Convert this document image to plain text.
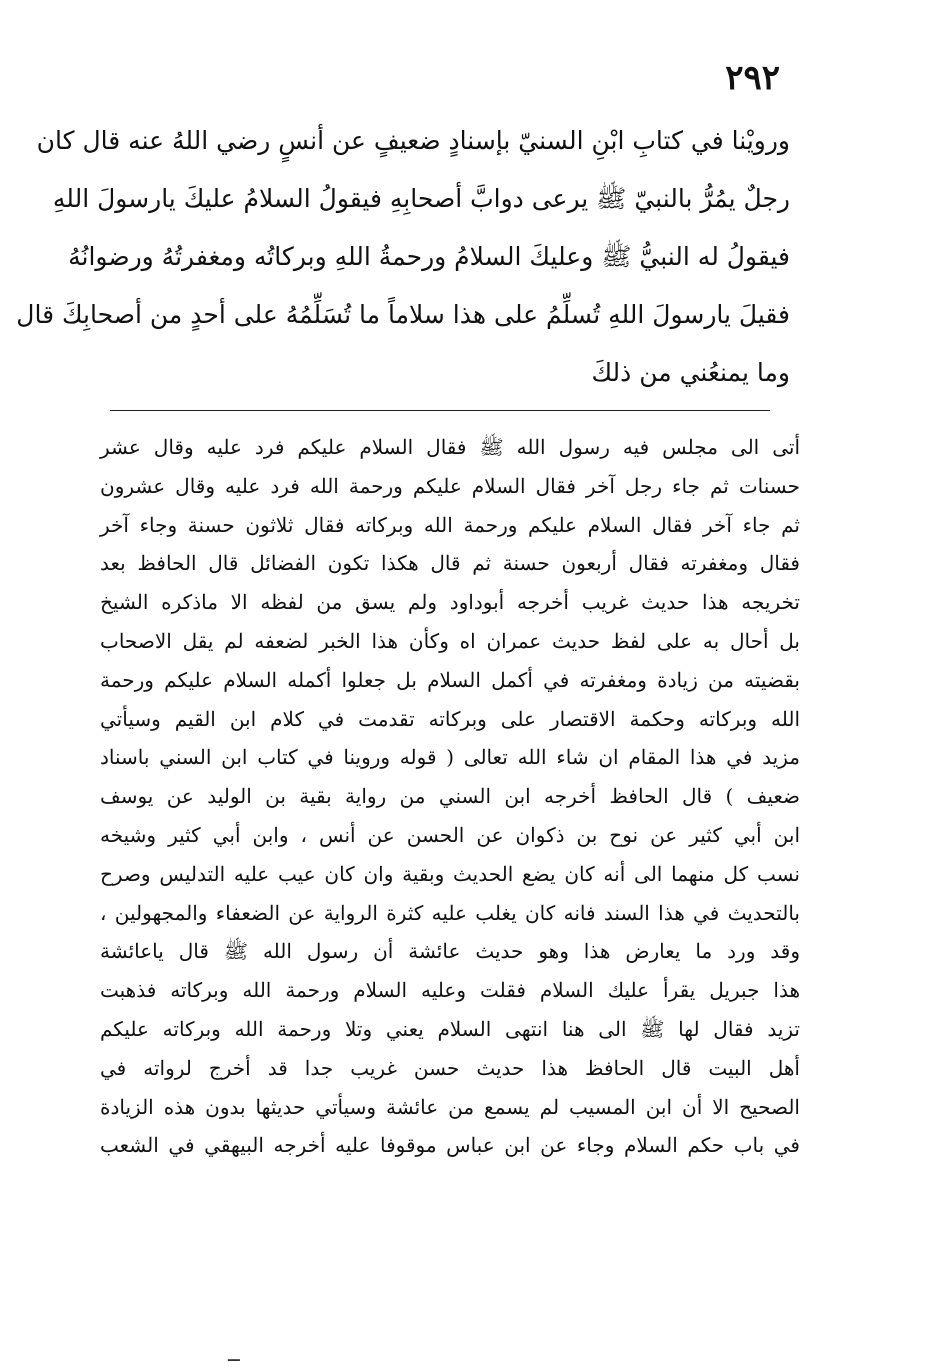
٢٩٢
ورويْنا في كتابِ ابْنِ السنيّ بإسنادٍ ضعيفٍ عن أنسٍ رضي اللهُ عنه قال كان
رجلٌ يمُرُّ بالنبيّ ﷺ يرعى دوابَّ أصحابِهِ فيقولُ السلامُ عليكَ يارسولَ اللهِ
فيقولُ له النبيُّ ﷺ وعليكَ السلامُ ورحمةُ اللهِ وبركاتُه ومغفرتُهُ ورضوانُهُ
فقيلَ يارسولَ اللهِ تُسلِّمُ على هذا سلاماً ما تُسَلِّمُهُ على أحدٍ من أصحابِكَ قال
وما يمنعُني من ذلكَ
أتى الى مجلس فيه رسول الله ﷺ فقال السلام عليكم فرد عليه وقال عشر
حسنات ثم جاء رجل آخر فقال السلام عليكم ورحمة الله فرد عليه وقال عشرون
ثم جاء آخر فقال السلام عليكم ورحمة الله وبركاته فقال ثلاثون حسنة وجاء آخر
فقال ومغفرته فقال أربعون حسنة ثم قال هكذا تكون الفضائل قال الحافظ بعد
تخريجه هذا حديث غريب أخرجه أبوداود ولم يسق من لفظه الا ماذكره الشيخ
بل أحال به على لفظ حديث عمران اه وكأن هذا الخبر لضعفه لم يقل الاصحاب
بقضيته من زيادة ومغفرته في أكمل السلام بل جعلوا أكمله السلام عليكم ورحمة
الله وبركاته وحكمة الاقتصار على وبركاته تقدمت في كلام ابن القيم وسيأتي
مزيد في هذا المقام ان شاء الله تعالى ( قوله وروينا في كتاب ابن السني باسناد
ضعيف ) قال الحافظ أخرجه ابن السني من رواية بقية بن الوليد عن يوسف
ابن أبي كثير عن نوح بن ذكوان عن الحسن عن أنس ، وابن أبي كثير وشيخه
نسب كل منهما الى أنه كان يضع الحديث وبقية وان كان عيب عليه التدليس وصرح
بالتحديث في هذا السند فانه كان يغلب عليه كثرة الرواية عن الضعفاء والمجهولين ،
وقد ورد ما يعارض هذا وهو حديث عائشة أن رسول الله ﷺ قال ياعائشة
هذا جبريل يقرأ عليك السلام فقلت وعليه السلام ورحمة الله وبركاته فذهبت
تزيد فقال لها ﷺ الى هنا انتهى السلام يعني وتلا ورحمة الله وبركاته عليكم
أهل البيت قال الحافظ هذا حديث حسن غريب جدا قد أخرج لرواته في
الصحيح الا أن ابن المسيب لم يسمع من عائشة وسيأتي حديثها بدون هذه الزيادة
في باب حكم السلام وجاء عن ابن عباس موقوفا عليه أخرجه البيهقي في الشعب
ــ
